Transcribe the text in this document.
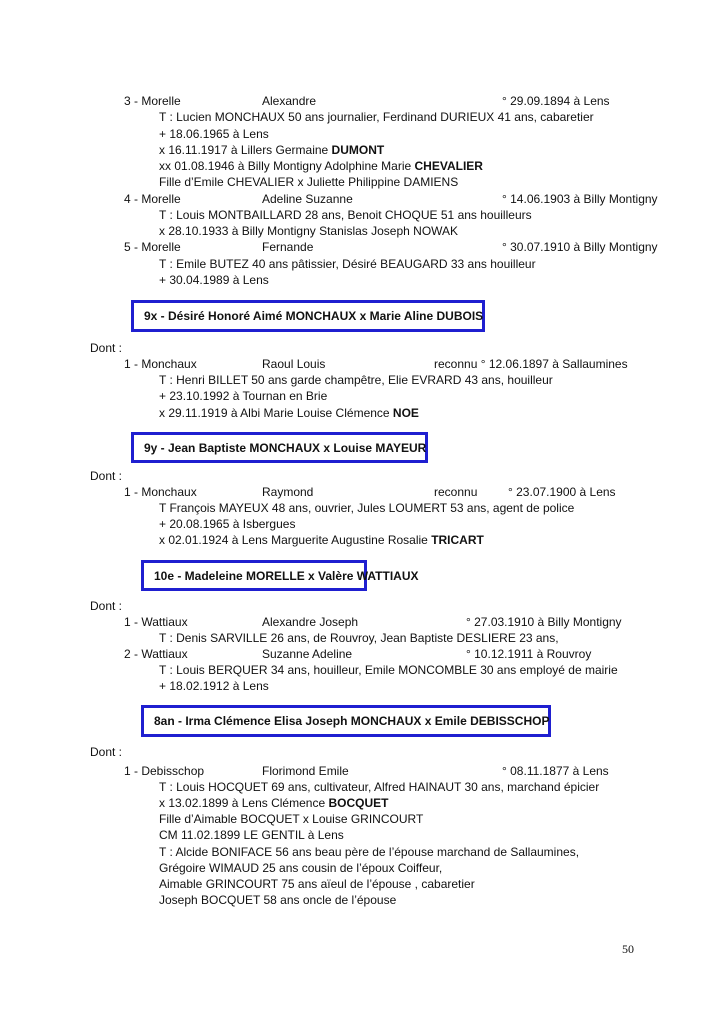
3 - Morelle	Alexandre	° 29.09.1894 à Lens
T : Lucien MONCHAUX 50 ans journalier, Ferdinand DURIEUX 41 ans, cabaretier
+ 18.06.1965 à Lens
x 16.11.1917 à Lillers Germaine DUMONT
xx 01.08.1946 à Billy Montigny Adolphine Marie CHEVALIER
Fille d’Emile CHEVALIER x Juliette Philippine DAMIENS
4 - Morelle	Adeline Suzanne	° 14.06.1903 à Billy Montigny
T : Louis MONTBAILLARD 28 ans, Benoit CHOQUE 51 ans houilleurs
x 28.10.1933 à Billy Montigny Stanislas Joseph NOWAK
5 - Morelle	Fernande	° 30.07.1910 à Billy Montigny
T : Emile BUTEZ 40 ans pâtissier, Désiré BEAUGARD 33 ans houilleur
+ 30.04.1989 à Lens
9x - Désiré Honoré Aimé MONCHAUX x Marie Aline DUBOIS
Dont :
1 - Monchaux	Raoul Louis	reconnu ° 12.06.1897 à Sallaumines
T : Henri BILLET 50 ans garde champêtre, Elie EVRARD 43 ans, houilleur
+ 23.10.1992 à Tournan en Brie
x 29.11.1919 à Albi Marie Louise Clémence NOE
9y - Jean Baptiste MONCHAUX x Louise MAYEUR
Dont :
1 - Monchaux	Raymond	reconnu	° 23.07.1900 à Lens
T François MAYEUX 48 ans, ouvrier, Jules LOUMERT 53 ans, agent de police
+ 20.08.1965 à Isbergues
x 02.01.1924 à Lens Marguerite Augustine Rosalie TRICART
10e - Madeleine MORELLE x Valère WATTIAUX
Dont :
1 - Wattiaux	Alexandre Joseph	° 27.03.1910 à Billy Montigny
T : Denis SARVILLE 26 ans, de Rouvroy, Jean Baptiste DESLIERE 23 ans,
2 - Wattiaux	Suzanne Adeline	° 10.12.1911 à Rouvroy
T : Louis BERQUER 34 ans, houilleur, Emile MONCOMBLE 30 ans employé de mairie
+ 18.02.1912 à Lens
8an - Irma Clémence Elisa Joseph MONCHAUX x Emile DEBISSCHOP
Dont :
1 - Debisschop	Florimond Emile	° 08.11.1877 à Lens
T : Louis HOCQUET 69 ans, cultivateur, Alfred HAINAUT 30 ans, marchand épicier
x 13.02.1899 à Lens Clémence BOCQUET
Fille d’Aimable BOCQUET x Louise GRINCOURT
CM 11.02.1899 LE GENTIL à Lens
T : Alcide BONIFACE 56 ans beau père de l’épouse marchand de Sallaumines,
Grégoire WIMAUD 25 ans cousin de l’époux Coiffeur,
Aimable GRINCOURT 75 ans aïeul de l’épouse , cabaretier
Joseph BOCQUET 58 ans oncle de l’épouse
50
